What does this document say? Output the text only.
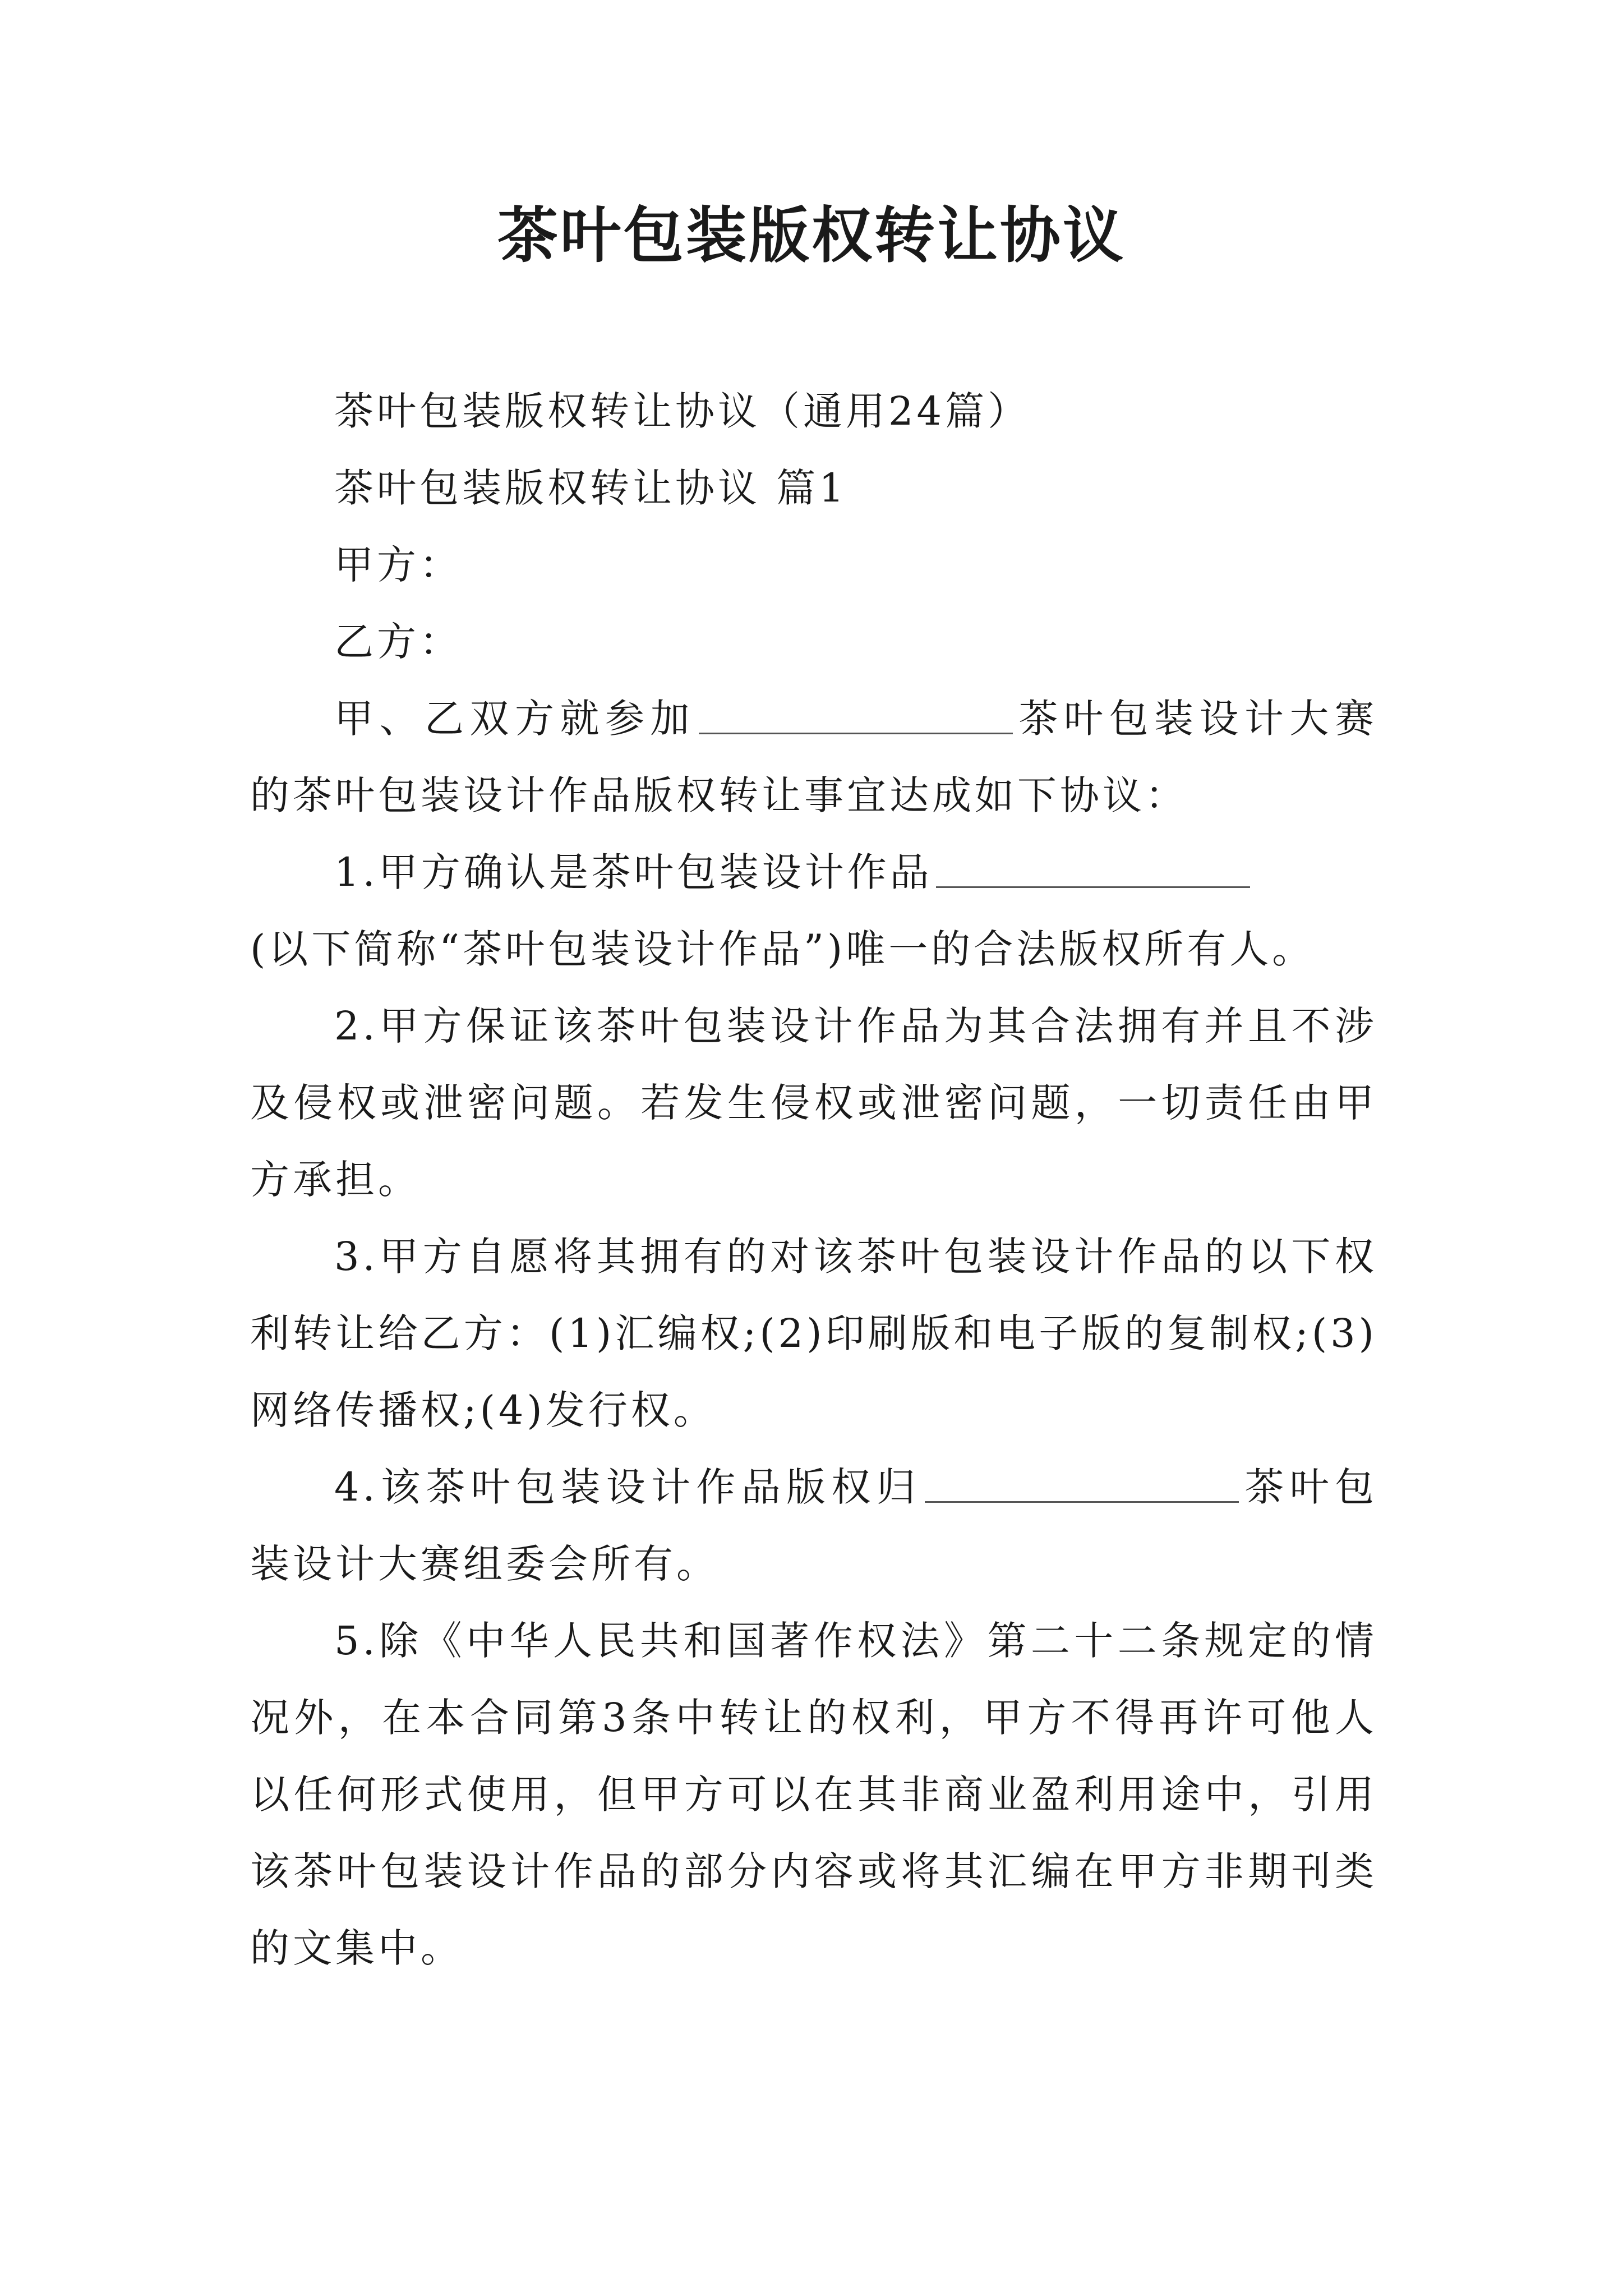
茶叶包装版权转让协议

茶叶包装版权转让协议（通用24篇）

茶叶包装版权转让协议 篇1

甲方：

乙方：

甲、乙双方就参加	茶叶包装设计大赛的茶叶包装设计作品版权转让事宜达成如下协议：

1.甲方确认是茶叶包装设计作品
(以下简称“茶叶包装设计作品”)唯一的合法版权所有人。

2.甲方保证该茶叶包装设计作品为其合法拥有并且不涉及侵权或泄密问题。若发生侵权或泄密问题，一切责任由甲方承担。

3.甲方自愿将其拥有的对该茶叶包装设计作品的以下权利转让给乙方：(1)汇编权;(2)印刷版和电子版的复制权;(3)网络传播权;(4)发行权。

4.该茶叶包装设计作品版权归	茶叶包装设计大赛组委会所有。

5.除《中华人民共和国著作权法》第二十二条规定的情况外，在本合同第3条中转让的权利，甲方不得再许可他人以任何形式使用，但甲方可以在其非商业盈利用途中，引用该茶叶包装设计作品的部分内容或将其汇编在甲方非期刊类的文集中。
